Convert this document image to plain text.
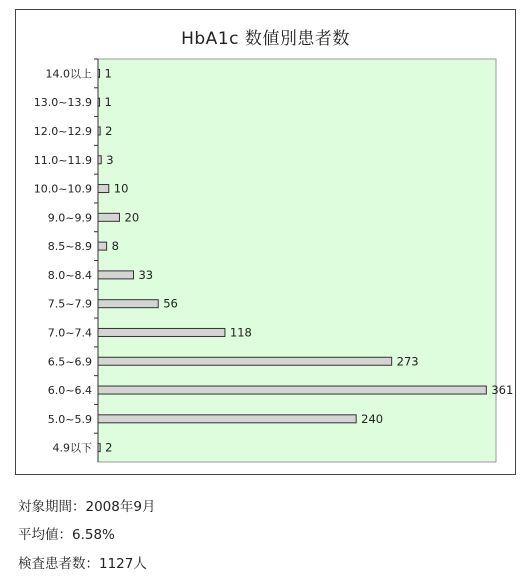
HbA1c 数値別患者数
14.0以上 1
13.0~13.9 1
12.0~12.9 2
11.0~11.9 3
10.0~10.9 10
9.0~9.9	20
8.5~8.9 8
8.0~8.4	33
7.5~7.9	56
7.0~7.4	118
6.5~6.9	273
6.0~6.4	361
5.0~5.9	240
4.9以下 2
対象期間：2008年9月
平均値：6.58%
検査患者数：1127人
